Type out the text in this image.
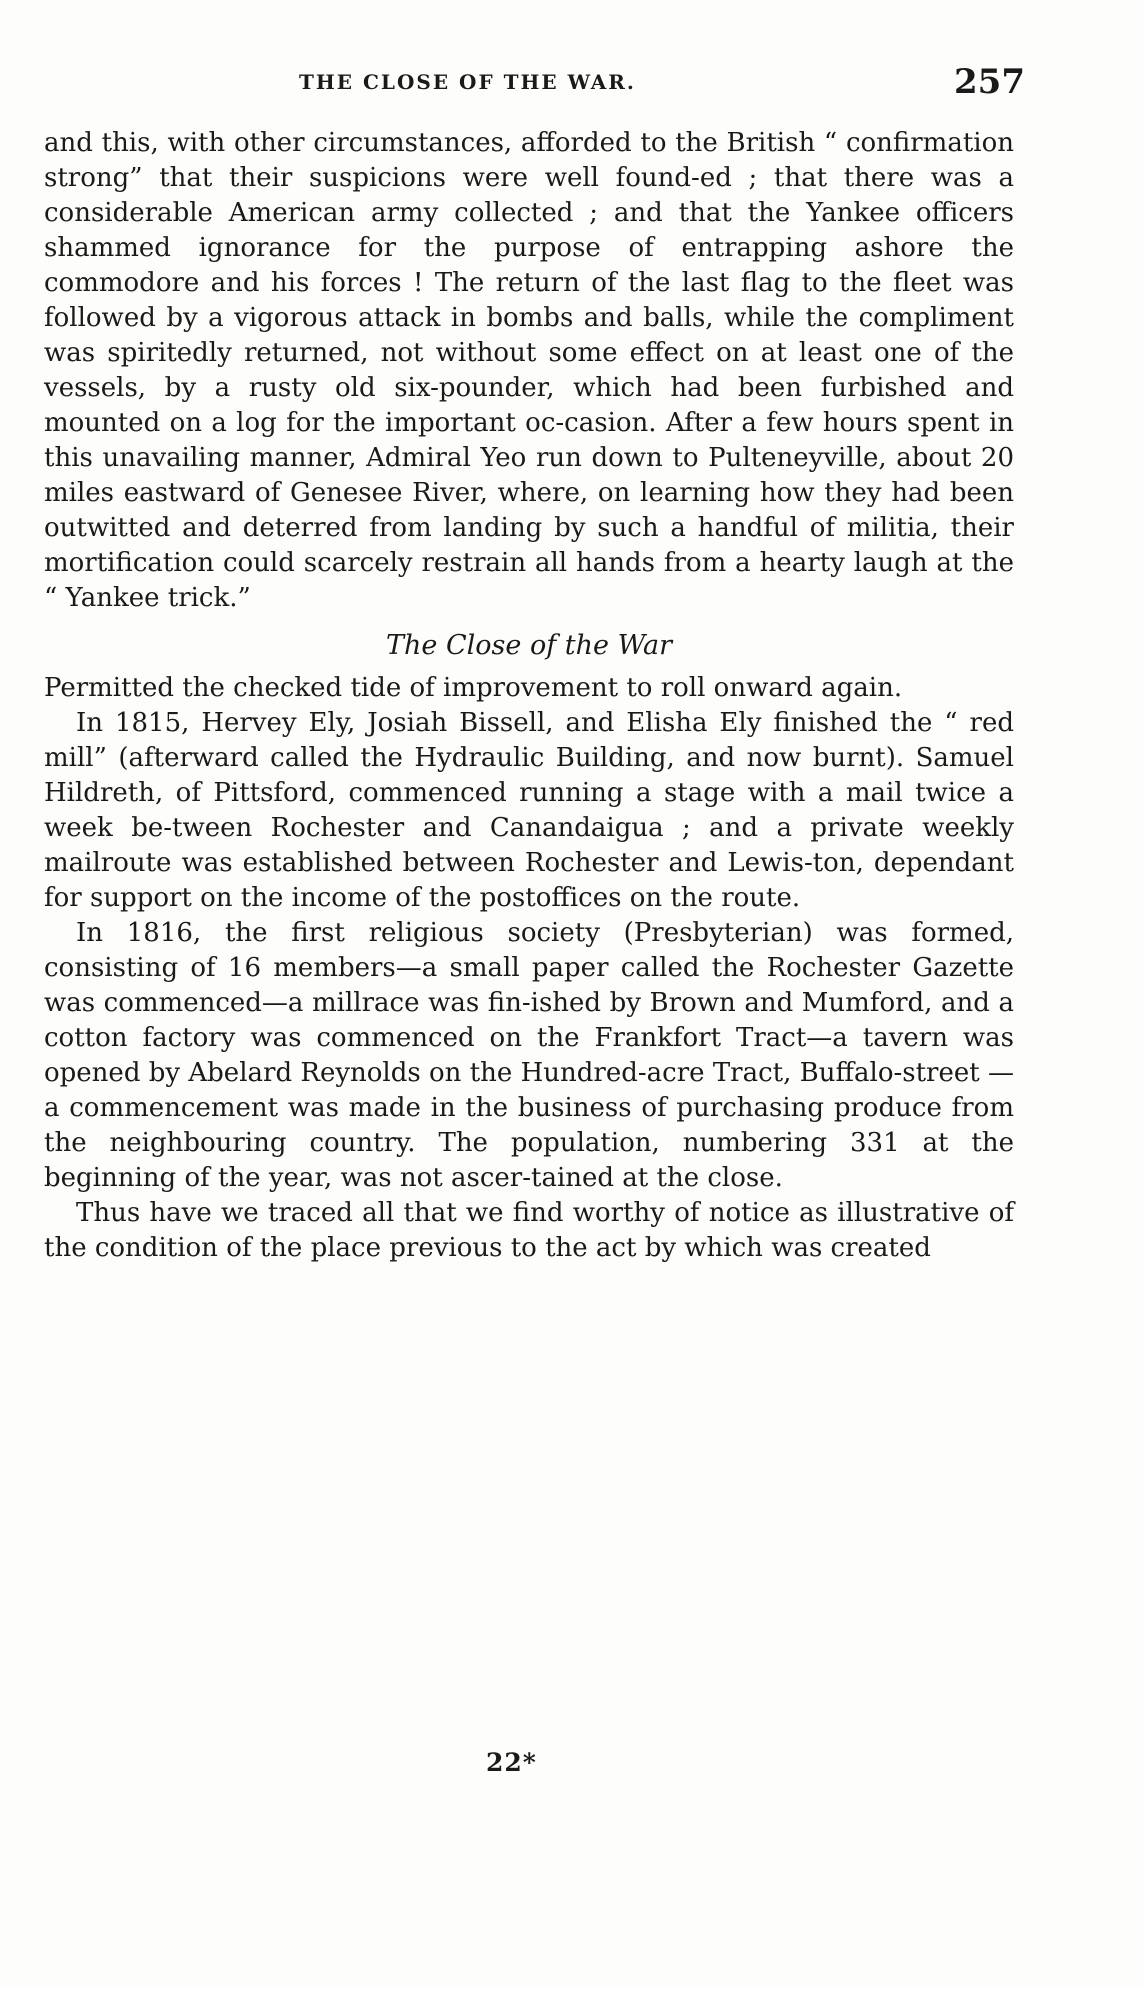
THE CLOSE OF THE WAR.	257

and this, with other circumstances, afforded to the British “ confirmation strong” that their suspicions were well found-ed ; that there was a considerable American army collected ; and that the Yankee officers shammed ignorance for the purpose of entrapping ashore the commodore and his forces ! The return of the last flag to the fleet was followed by a vigorous attack in bombs and balls, while the compliment was spiritedly returned, not without some effect on at least one of the vessels, by a rusty old six-pounder, which had been furbished and mounted on a log for the important oc-casion. After a few hours spent in this unavailing manner, Admiral Yeo run down to Pulteneyville, about 20 miles eastward of Genesee River, where, on learning how they had been outwitted and deterred from landing by such a handful of militia, their mortification could scarcely restrain all hands from a hearty laugh at the “ Yankee trick.”

The Close of the War

Permitted the checked tide of improvement to roll onward again.

In 1815, Hervey Ely, Josiah Bissell, and Elisha Ely finished the “ red mill” (afterward called the Hydraulic Building, and now burnt). Samuel Hildreth, of Pittsford, commenced running a stage with a mail twice a week be-tween Rochester and Canandaigua ; and a private weekly mailroute was established between Rochester and Lewis-ton, dependant for support on the income of the postoffices on the route.

In 1816, the first religious society (Presbyterian) was formed, consisting of 16 members—a small paper called the Rochester Gazette was commenced—a millrace was fin-ished by Brown and Mumford, and a cotton factory was commenced on the Frankfort Tract—a tavern was opened by Abelard Reynolds on the Hundred-acre Tract, Buffalo-street —a commencement was made in the business of purchasing produce from the neighbouring country. The population, numbering 331 at the beginning of the year, was not ascer-tained at the close.

Thus have we traced all that we find worthy of notice as illustrative of the condition of the place previous to the act by which was created

22*
